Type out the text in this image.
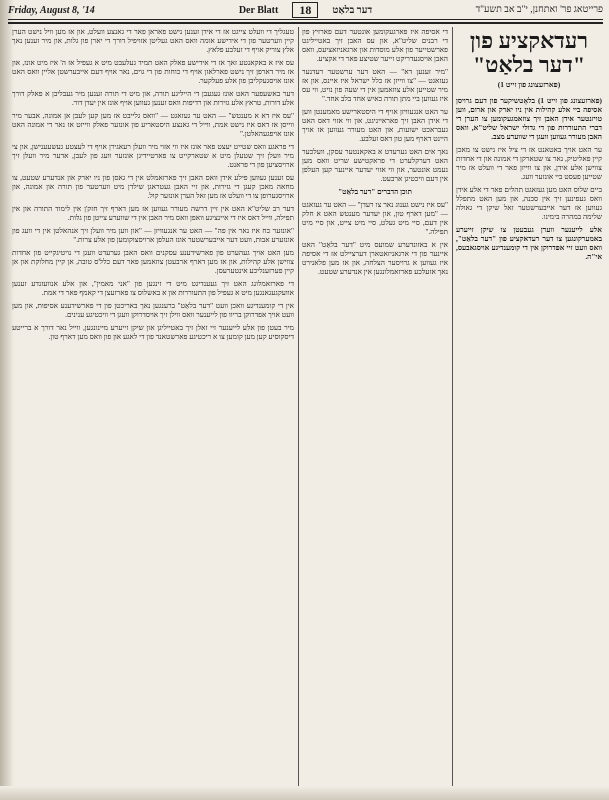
Friday, August 8, '14	Der Blatt	18	דער בלאַט	פרייטאג פר' ואתחנן, י"ב אב תשע"ד

טעגליך די וועלט צייגט אז די אידן זענען נישט פאראן פאר די גאנצע וועלט, און אז מען וויל נישט הערן קיין ווערטער פון די אידישע אומה וואס האט געליטן אזויפיל דורך די יארן פון גלות, און מיר זענען נאך אלץ צוריק אויף די זעלבע פלאץ.

עס איז א באקאנטע זאך אז די אידישע פאלק האט תמיד געלעבט מיט א געפיל אז ה' איז מיט אונז, און אז מיר דארפן זיך נישט פארלאזן אויף די כוחות פון די גוים, נאר אויף דעם אייבערשטן אליין וואס האט אונז אויסגעקליבן פון אלע פעלקער.

דער באשעפער האט אונז געגעבן די הייליגע תורה, און מיט די תורה זענען מיר געבליבן א פאלק דורך אלע דורות, טראץ אלע גזירות און רדיפות וואס זענען געווען אויף אונז אין יעדן דור.

"עס איז דא א מענטש" — האט ער געזאגט — "וואס גלייבט אז מען קען לעבן אן אמונה, אבער מיר ווייסן אז דאס איז נישט אמת, ווייל די גאנצע היסטאריע פון אונזער פאלק ווייזט אז נאר די אמונה האט אונז אויפגעהאלטן."

די פראגע וואס שטייט יעצט פאר אונז איז ווי אזוי מיר וועלן רעאגירן אויף די לעצטע געשעענישן, און צי מיר וועלן זיך שטעלן מיט א שטארקייט צו פארטיידיגן אונזער וועג פון לעבן, אדער מיר וועלן זיך ארויסציען פון די פראנט.

עס זענען געווען פילע אידן וואס האבן זיך פארזאמלט אין די גאסן פון ניו יארק און אנדערע שטעט, צו מחאה מאכן קעגן די גזירות, און זיי האבן געטראגן שילדן מיט ווערטער פון תורה און אמונה, און ארויסגערופן צו די וועלט אז מען זאל הערן אונזער קול.

דער רב שליט"א האט אין זיין דרשה מעורר געווען אז מען דארף זיך חזק'ן אין לימוד התורה און אין תפילה, ווייל דאס איז די איינציגע וואפן וואס מיר האבן אין די שווערע צייטן פון גלות.

"אונזער כח איז נאר אין פה" — האט ער אנגעוויזן — "און ווען מיר וועלן זיך אנהאלטן אין די וועג פון אונזערע אבות, וועט דער אייבערשטער אונז העלפן ארויסצוקומען פון אלע צרות."

מען האט אויך געהערט פון פארשידענע עסקנים וואס האבן גערעדט וועגן די נויטיגקייט פון אחדות צווישן אלע קהילות, און אז מען דארף ארבעטן צוזאמען פאר דעם כלל'ס טובה, אן קיין מחלוקת און אן קיין פערזענליכע אינטערעסן.

די פארזאמלונג האט זיך געענדיגט מיט די זינגען פון "אני מאמין", און אלע אנוועזנדע זענען אוועקגעגאנגען מיט א געפיל פון התעוררות און א באשלוס צו פארזעצן די קאמף פאר די אמת.

אין די קומענדיגע וואכן וועט "דער בלאַט" ברענגען נאך באריכטן פון די פארשידענע אסיפות, און מען וועט אויך אפדרוקן בריוו פון לייענער וואס ווילן זיך אויסדרוקן וועגן די וויכטיגע ענינים.

מיר בעטן פון אלע לייענער זיי זאלן זיך באטייליגן און שיקן זייערע מיינונגען, ווייל נאר דורך א ברייטע דיסקוסיע קען מען קומען צו א ריכטיגע פארשטאנד פון די לאגע און פון וואס מען דארף טון.

די אסיפה איז פארגעקומען אונטער דעם פארזיץ פון די רבנים שליט"א, און עס האבן זיך באטייליגט פארשטייער פון אלע מוסדות און ארגאניזאציעס, וואס האבן אויסגעדריקט זייער שטיצע פאר די אקציע.

"מיר זענען דא" — האט דער ערשטער רעדנער געזאגט — "צו ווייזן אז כלל ישראל איז איינס, און אז מיר שטייען אלע צוזאמען אין די שעה פון נויט, ווי עס איז געווען ביי מתן תורה כאיש אחד בלב אחד."

ער האט אנגעוויזן אויף די היסטארישע מאמענטן ווען די אידן האבן זיך פאראייניגט, און ווי אזוי דאס האט געבראכט ישועות, און האט מעורר געווען אז אויך היינט דארף מען טון דאס זעלבע.

נאך אים האט גערעדט א באקאנטער עסקן, וועלכער האט דערקלערט די פראקטישע שריט וואס מען נעמט אונטער, און ווי אזוי יעדער איינער קען העלפן אין דעם וויכטיגן ארבעט.

תוכן הדברים "דער בלאַט"

"עס איז נישט גענוג נאר צו רעדן" — האט ער געזאגט — "מען דארף טון, און יעדער מענטש האט א חלק אין דעם, סיי מיט געלט, סיי מיט צייט, און סיי מיט תפילה."

אין א באזונדערע שמועס מיט "דער בלאַט" האט איינער פון די ארגאניזאטארן דערציילט אז די אסיפה איז געווען א גרויסער הצלחה, און אז מען פלאנירט נאך אזעלכע פארזאמלונגען אין אנדערע שטעט.

רעדאקציע פון
"דער בלאַט"
(פארזעצונג פון זייט 1)

(פארזעצונג פון זייט 1) בלאָטשיקער פון דעם גרויסן אסיפה ביי אלע קהילות אין ניו יארק און ארום, ווען טויזנטער אידן האבן זיך צוזאמגעקומען צו הערן די דברי התעוררות פון די גדולי ישראל שליט"א, וואס האבן מעורר געווען וועגן די שווערע מצב.

ער האט אויך באטאנט אז די ציל איז נישט צו מאכן קיין פאליטיק, נאר צו שטארקן די אמונה און די אחדות צווישן אלע אידן, און צו ווייזן פאר די וועלט אז מיר שטייען פעסט ביי אונזער וועג.

ביים שלוס האט מען געזאגט תהלים פאר די אלע אידן וואס געפינען זיך אין סכנה, און מען האט מתפלל געווען אז דער אייבערשטער זאל שיקן די גאולה שלימה במהרה בימינו.

אלע לייענער ווערן געבעטן צו שיקן זייערע באמערקונגען צו דער רעדאקציע פון "דער בלאַט", וואס וועט זיי אפדרוקן אין די קומענדיגע אויסגאבעס, אי"ה.
